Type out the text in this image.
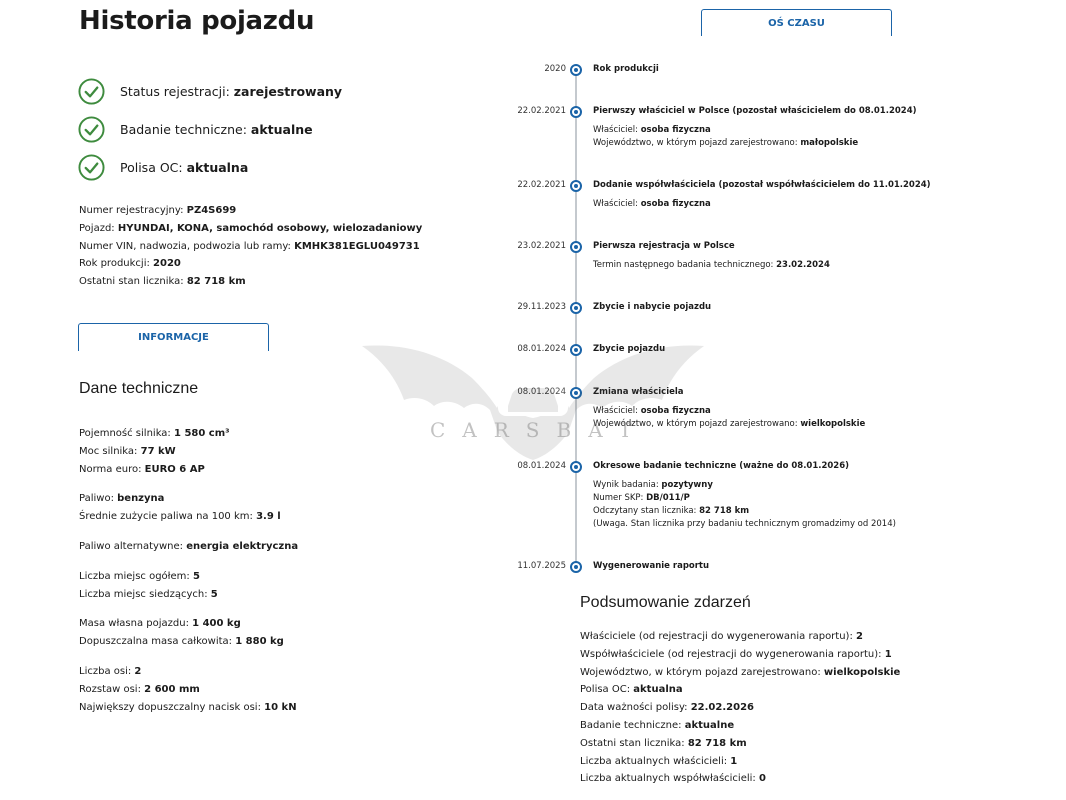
Historia pojazdu
Status rejestracji: zarejestrowany
Badanie techniczne: aktualne
Polisa OC: aktualna
Numer rejestracyjny: PZ4S699
Pojazd: HYUNDAI, KONA, samochód osobowy, wielozadaniowy
Numer VIN, nadwozia, podwozia lub ramy: KMHK381EGLU049731
Rok produkcji: 2020
Ostatni stan licznika: 82 718 km
INFORMACJE
OŚ CZASU
Dane techniczne
Pojemność silnika: 1 580 cm³
Moc silnika: 77 kW
Norma euro: EURO 6 AP
Paliwo: benzyna
Średnie zużycie paliwa na 100 km: 3.9 l
Paliwo alternatywne: energia elektryczna
Liczba miejsc ogółem: 5
Liczba miejsc siedzących: 5
Masa własna pojazdu: 1 400 kg
Dopuszczalna masa całkowita: 1 880 kg
Liczba osi: 2
Rozstaw osi: 2 600 mm
Największy dopuszczalny nacisk osi: 10 kN
2020	Rok produkcji
22.02.2021	Pierwszy właściciel w Polsce (pozostał właścicielem do 08.01.2024)
Właściciel: osoba fizyczna
Województwo, w którym pojazd zarejestrowano: małopolskie
22.02.2021	Dodanie współwłaściciela (pozostał współwłaścicielem do 11.01.2024)
Właściciel: osoba fizyczna
23.02.2021	Pierwsza rejestracja w Polsce
Termin następnego badania technicznego: 23.02.2024
29.11.2023	Zbycie i nabycie pojazdu
08.01.2024	Zbycie pojazdu
08.01.2024	Zmiana właściciela
Właściciel: osoba fizyczna
Województwo, w którym pojazd zarejestrowano: wielkopolskie
08.01.2024	Okresowe badanie techniczne (ważne do 08.01.2026)
Wynik badania: pozytywny
Numer SKP: DB/011/P
Odczytany stan licznika: 82 718 km
(Uwaga. Stan licznika przy badaniu technicznym gromadzimy od 2014)
11.07.2025	Wygenerowanie raportu
Podsumowanie zdarzeń
Właściciele (od rejestracji do wygenerowania raportu): 2
Współwłaściciele (od rejestracji do wygenerowania raportu): 1
Województwo, w którym pojazd zarejestrowano: wielkopolskie
Polisa OC: aktualna
Data ważności polisy: 22.02.2026
Badanie techniczne: aktualne
Ostatni stan licznika: 82 718 km
Liczba aktualnych właścicieli: 1
Liczba aktualnych współwłaścicieli: 0
CARSBAT
